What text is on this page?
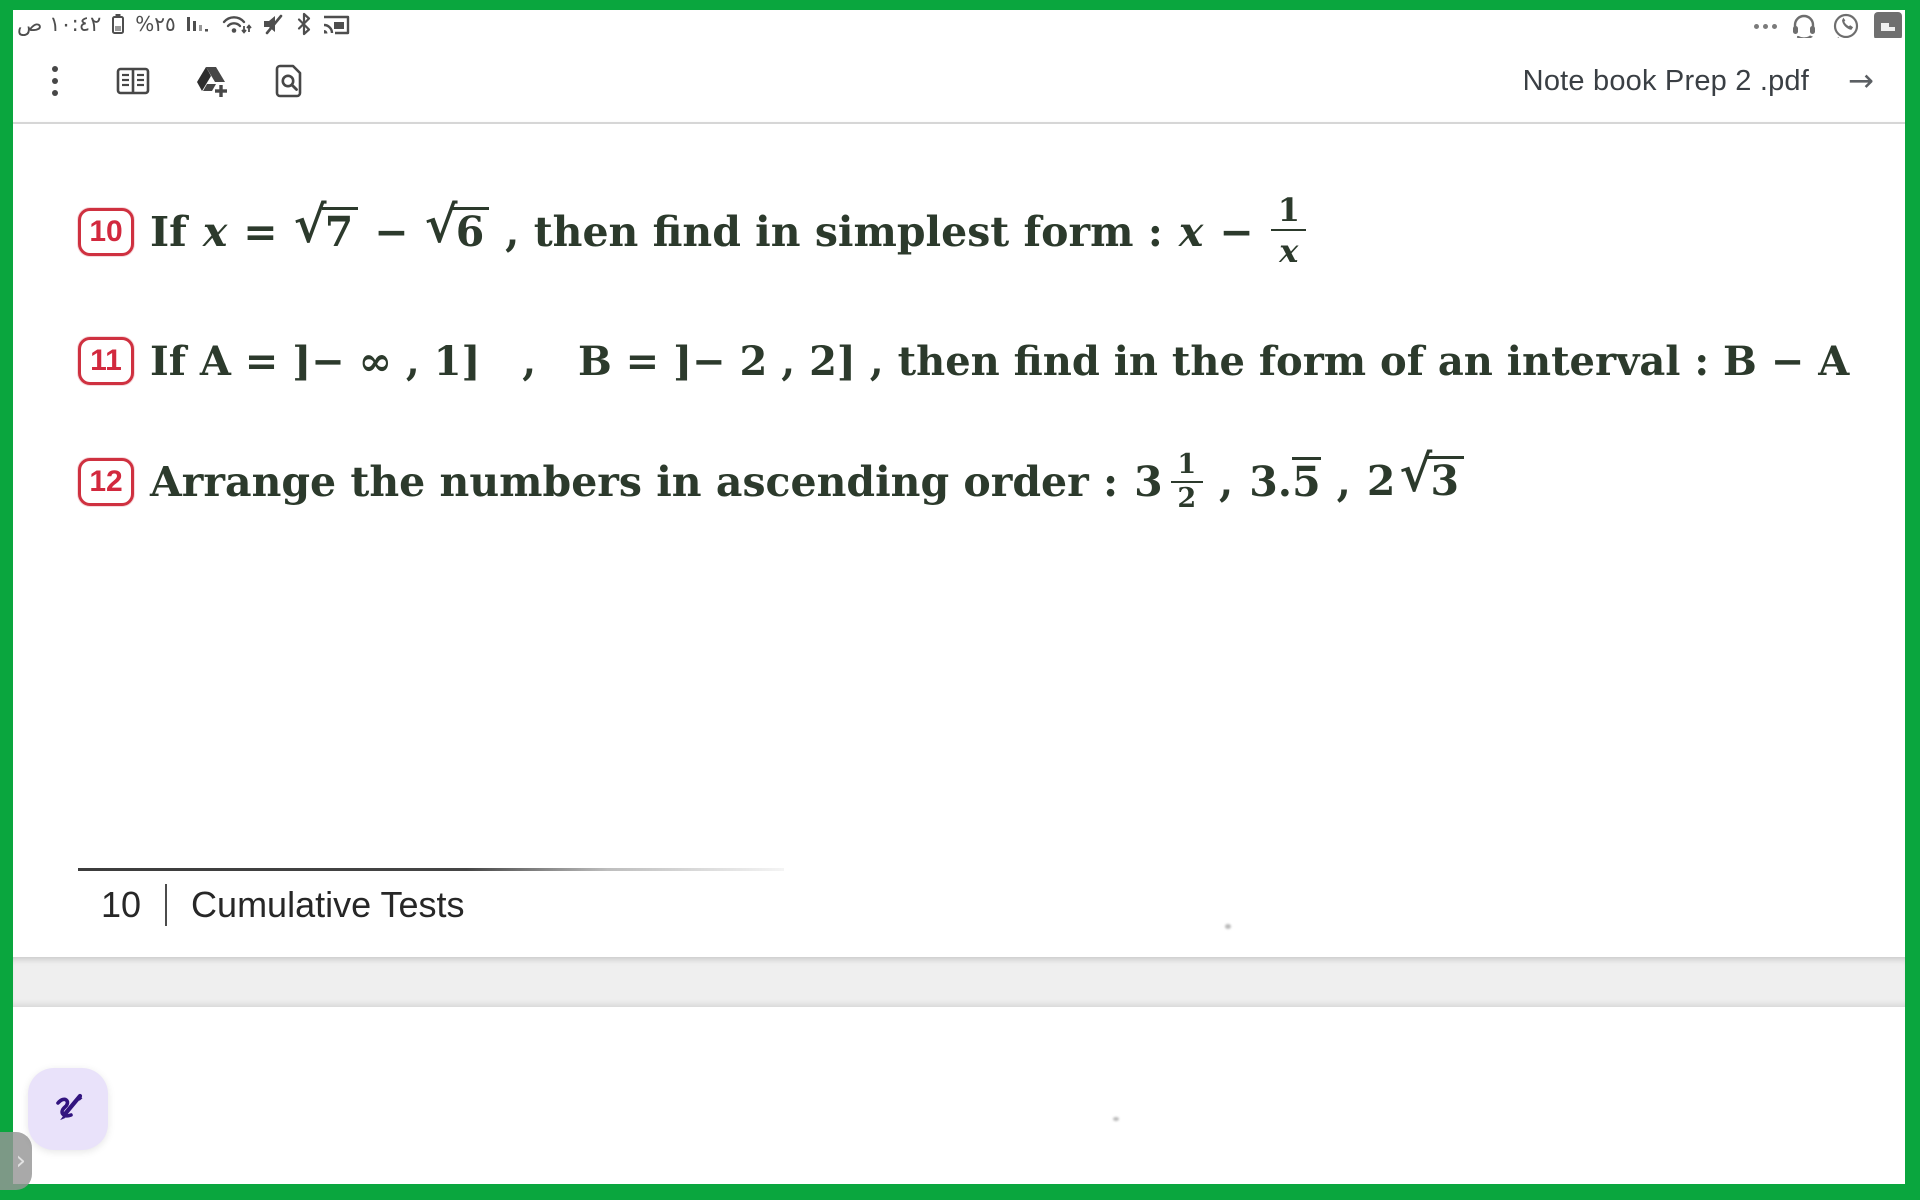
١٠:٤٢ ص %٢٥
Note book Prep 2 .pdf →
10 If x = √
7 − √
6 , then find in simplest form : $x - \frac{1}{x}$
11 If A = ]− ∞ , 1]   ,   B = ]− 2 , 2] , then find in the form of an interval : B − A
12 Arrange the numbers in ascending order : $3 \frac{1}{2}$ , 3.5 , 2 √
3
10 Cumulative Tests
›
